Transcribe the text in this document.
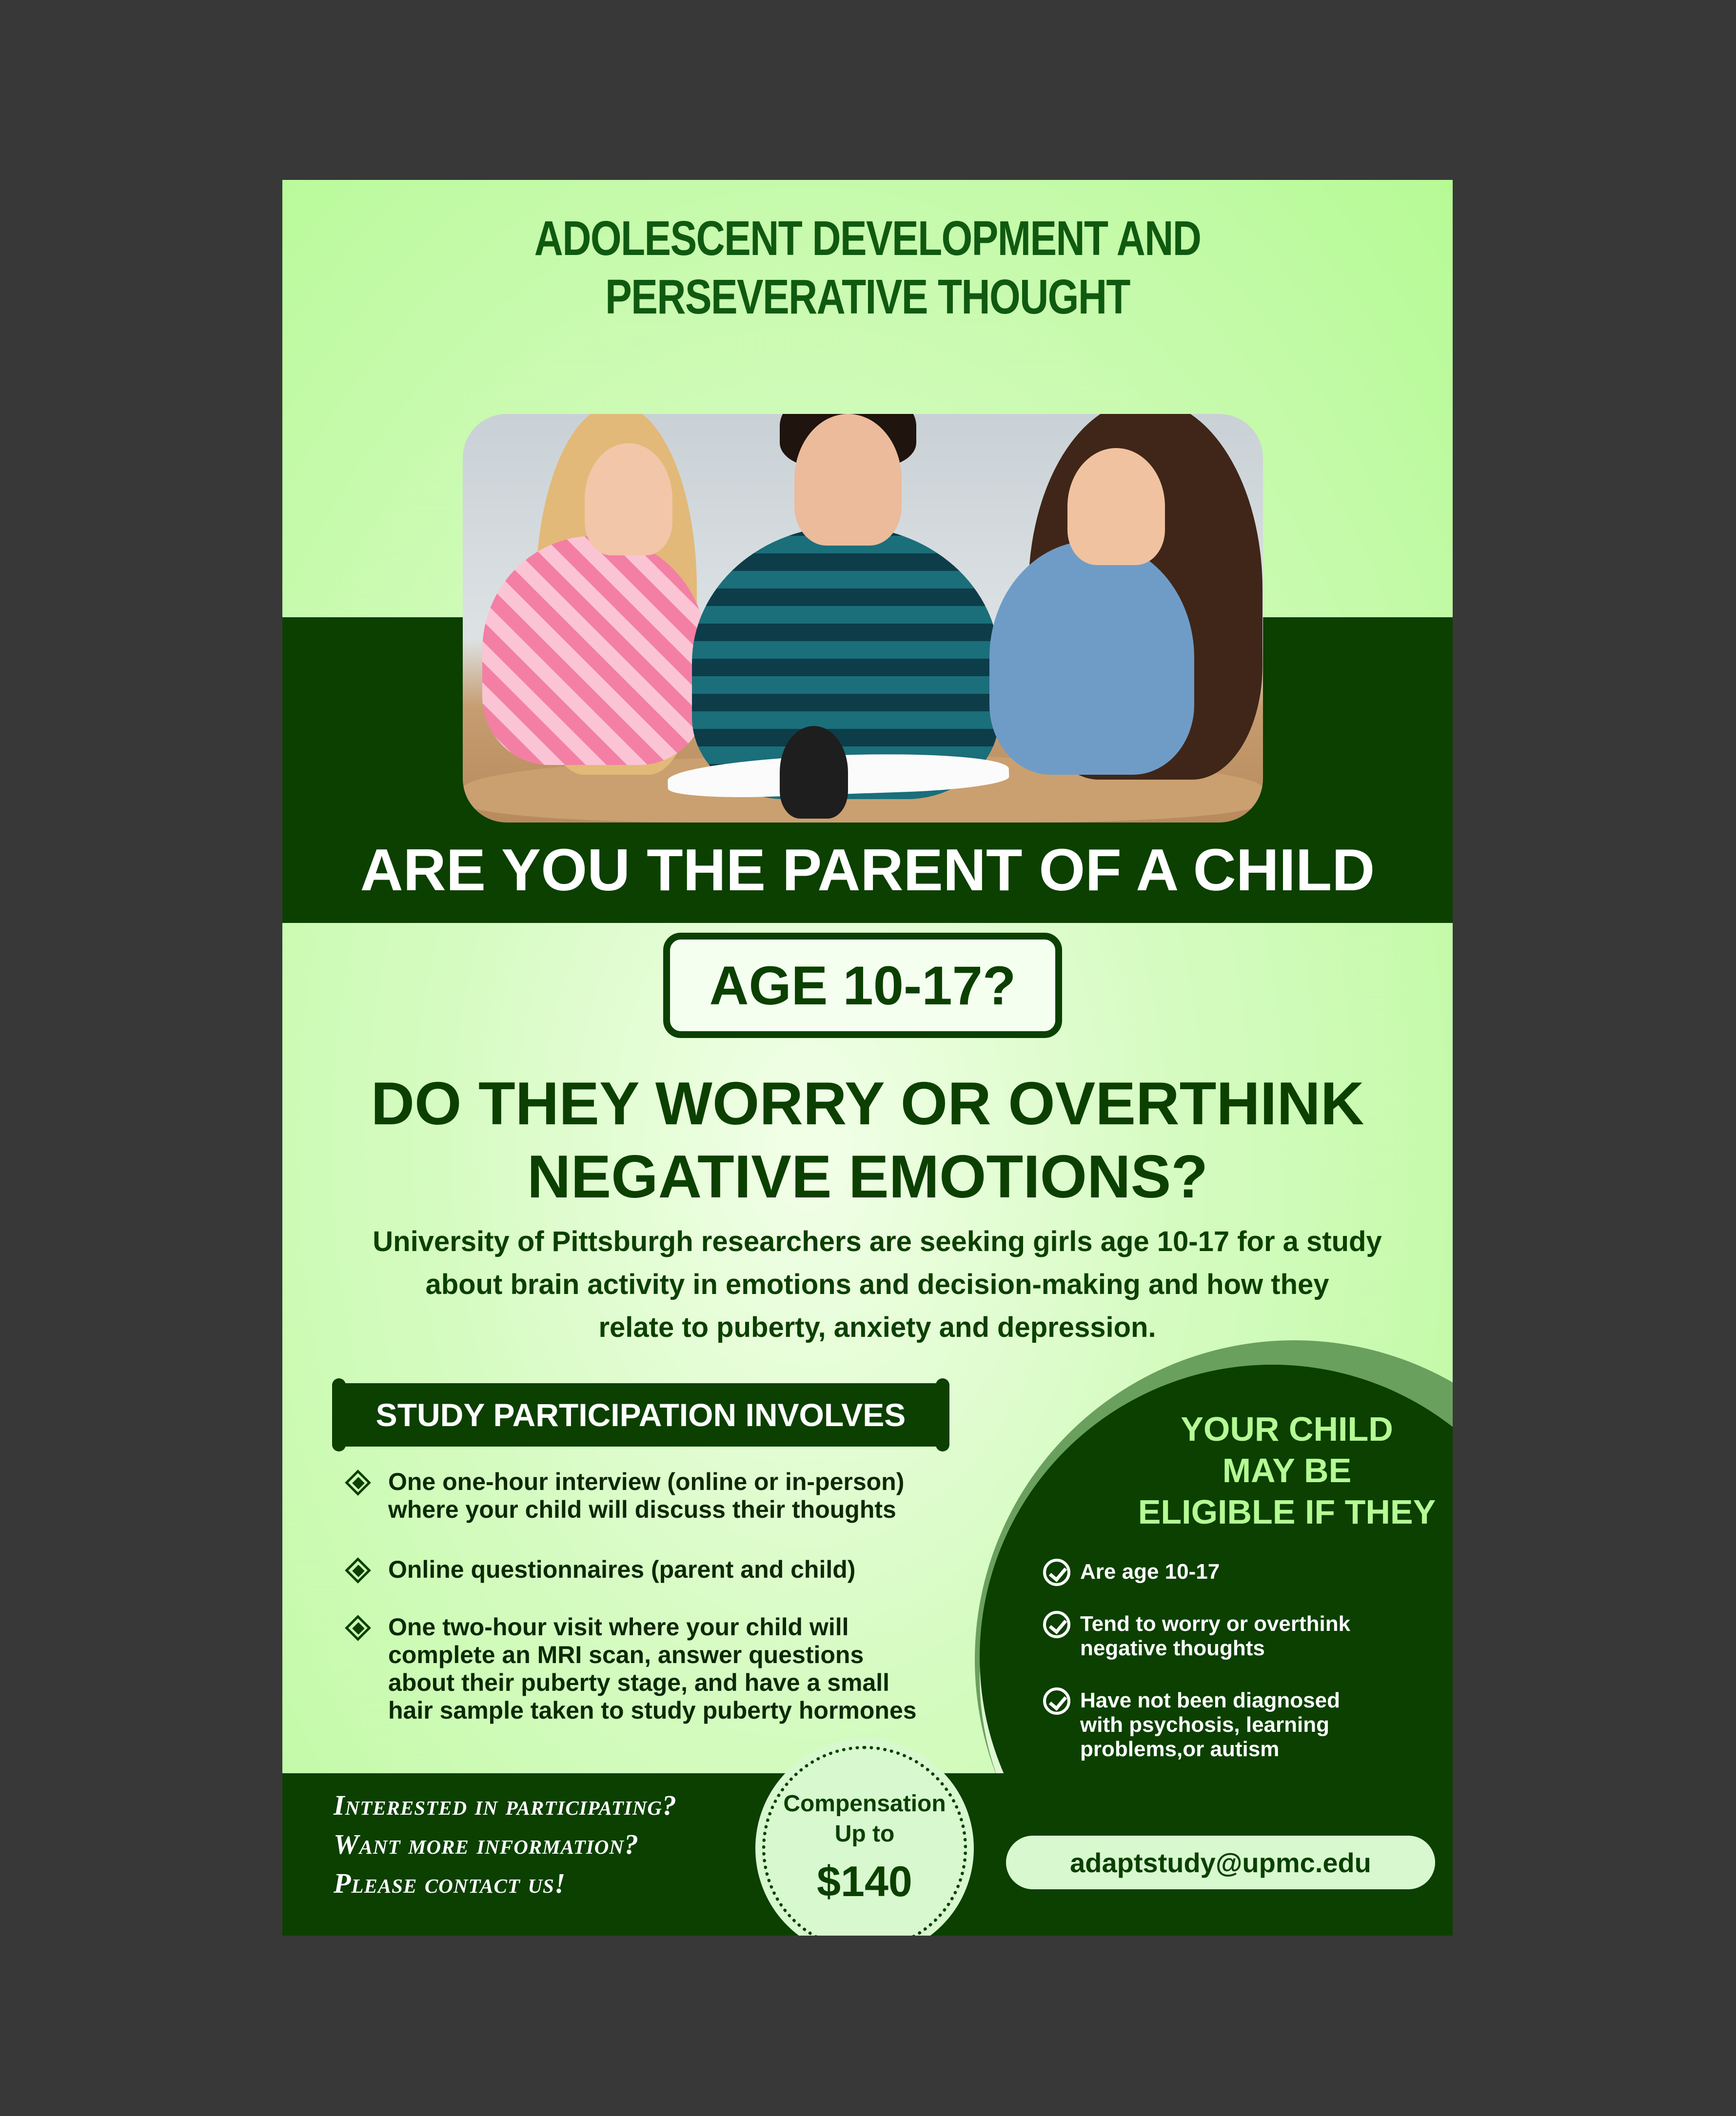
ADOLESCENT DEVELOPMENT AND
PERSEVERATIVE THOUGHT
ARE YOU THE PARENT OF A CHILD
AGE 10-17?
DO THEY WORRY OR OVERTHINK
NEGATIVE EMOTIONS?
University of Pittsburgh researchers are seeking girls age 10-17 for a study
about brain activity in emotions and decision-making and how they
relate to puberty, anxiety and depression.
YOUR CHILD
MAY BE
ELIGIBLE IF THEY
Are age 10-17
Tend to worry or overthink
negative thoughts
Have not been diagnosed
with psychosis, learning
problems,or autism
STUDY PARTICIPATION INVOLVES
One one-hour interview (online or in-person)
where your child will discuss their thoughts
Online questionnaires (parent and child)
One two-hour visit where your child will
complete an MRI scan, answer questions
about their puberty stage, and have a small
hair sample taken to study puberty hormones
Interested in participating?
Want more information?
Please contact us!
Compensation
Up to
$140	adaptstudy@upmc.edu
